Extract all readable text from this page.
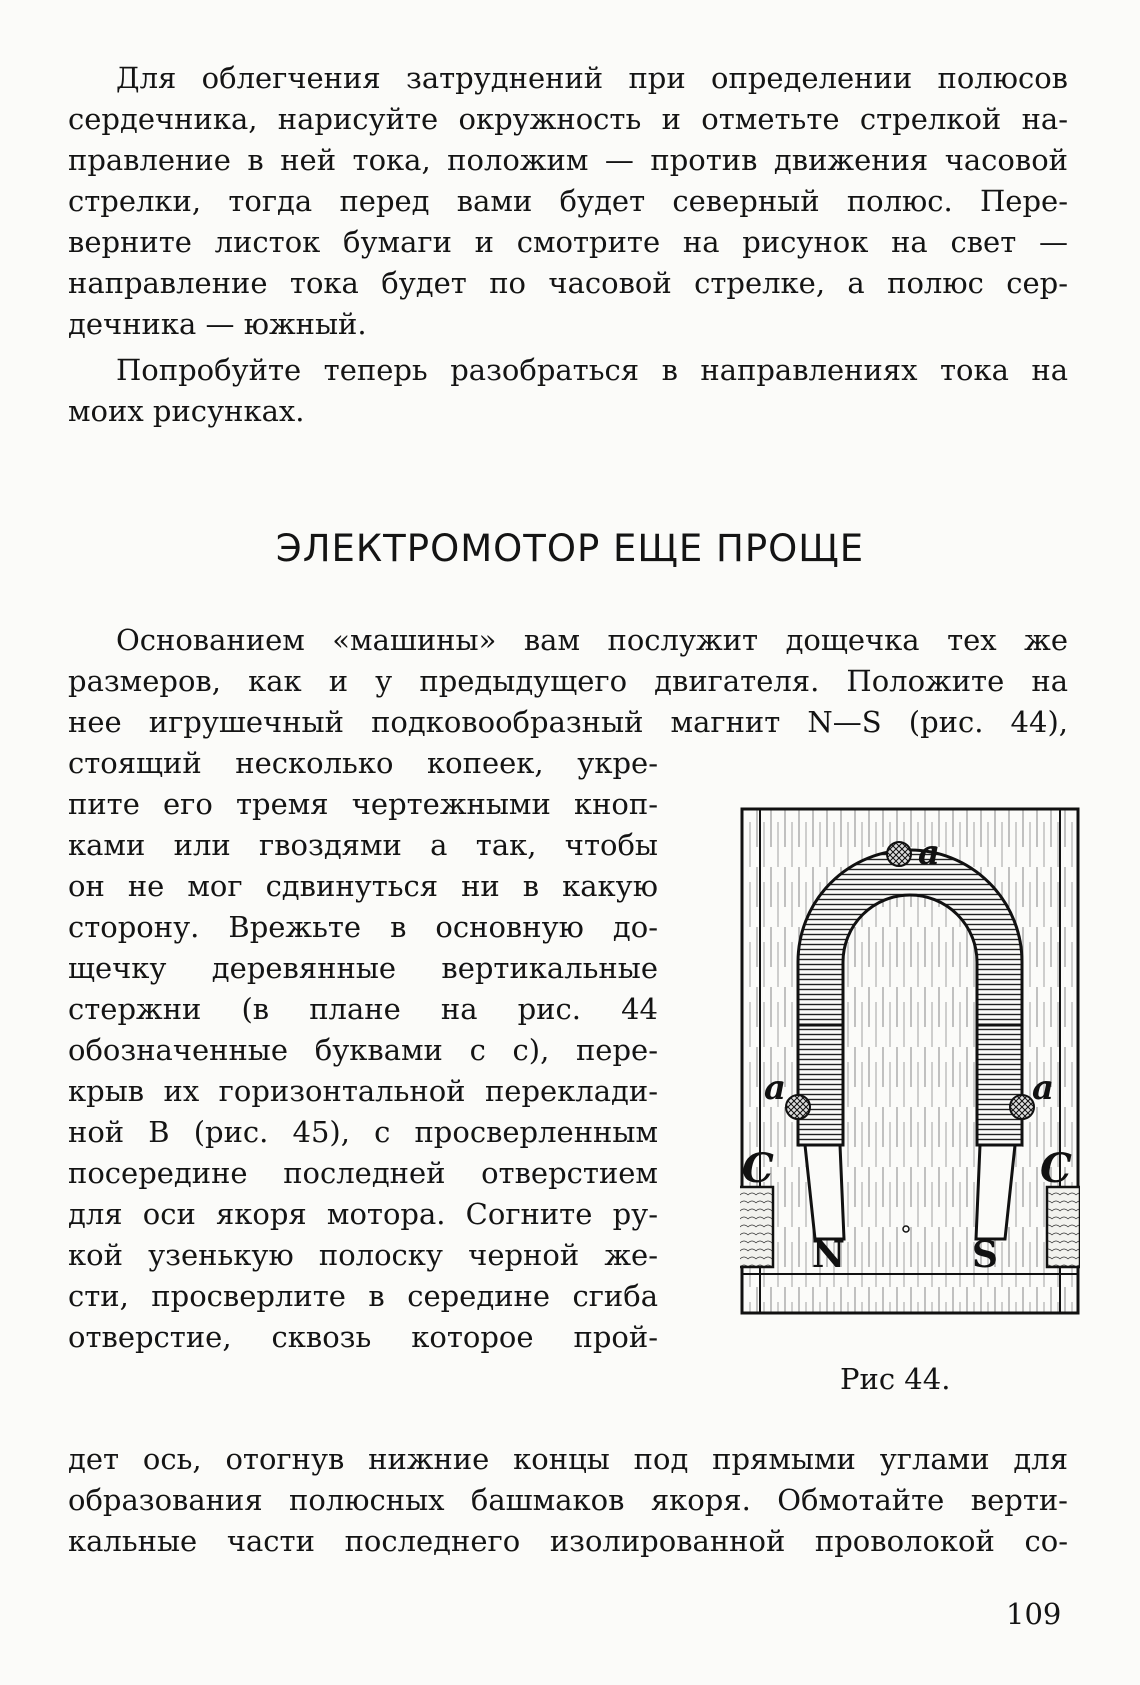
Для облегчения затруднений при определении полюсов
сердечника, нарисуйте окружность и отметьте стрелкой на-
правление в ней тока, положим — против движения часовой
стрелки, тогда перед вами будет северный полюс. Пере-
верните листок бумаги и смотрите на рисунок на свет —
направление тока будет по часовой стрелке, а полюс сер-
дечника — южный.
Попробуйте теперь разобраться в направлениях тока на
моих рисунках.
ЭЛЕКТРОМОТОР ЕЩЕ ПРОЩЕ
Основанием «машины» вам послужит дощечка тех же
размеров, как и у предыдущего двигателя. Положите на
нее игрушечный подковообразный магнит N—S (рис. 44),
стоящий несколько копеек, укре-
пите его тремя чертежными кноп-
ками или гвоздями a так, чтобы
он не мог сдвинуться ни в какую
сторону. Врежьте в основную до-
щечку деревянные вертикальные
стержни (в плане на рис. 44
обозначенные буквами c c), пере-
крыв их горизонтальной переклади-
ной B (рис. 45), с просверленным
посередине последней отверстием
для оси якоря мотора. Согните ру-
кой узенькую полоску черной же-
сти, просверлите в середине сгиба
отверстие, сквозь которое прой-
дет ось, отогнув нижние концы под прямыми углами для
образования полюсных башмаков якоря. Обмотайте верти-
кальные части последнего изолированной проволокой со-
a
a	a
C	C
N	S
Рис 44.
109
